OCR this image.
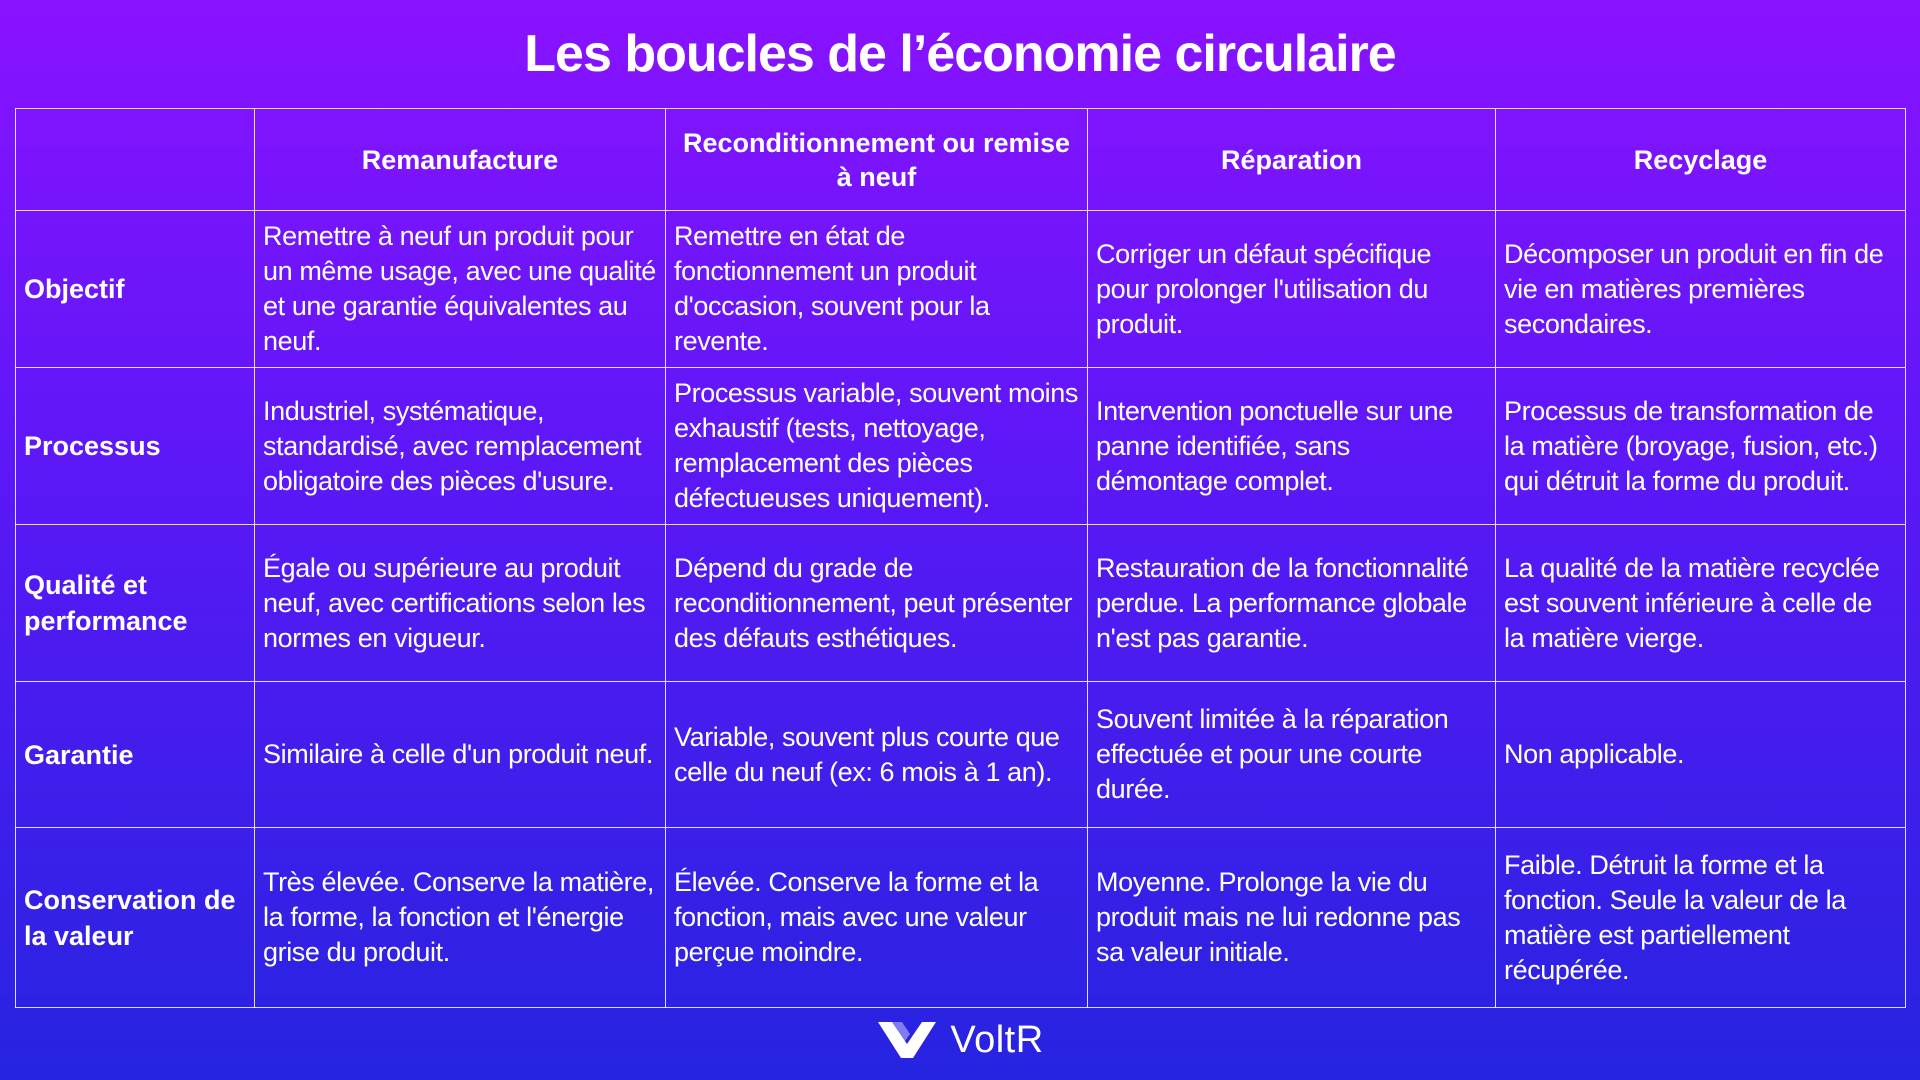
Les boucles de l’économie circulaire
	Remanufacture	Reconditionnement ou remise à neuf	Réparation	Recyclage
Objectif	Remettre à neuf un produit pour un même usage, avec une qualité et une garantie équivalentes au neuf.	Remettre en état de fonctionnement un produit d'occasion, souvent pour la revente.	Corriger un défaut spécifique pour prolonger l'utilisation du produit.	Décomposer un produit en fin de vie en matières premières secondaires.
Processus	Industriel, systématique, standardisé, avec remplacement obligatoire des pièces d'usure.	Processus variable, souvent moins exhaustif (tests, nettoyage, remplacement des pièces défectueuses uniquement).	Intervention ponctuelle sur une panne identifiée, sans démontage complet.	Processus de transformation de la matière (broyage, fusion, etc.) qui détruit la forme du produit.
Qualité et performance	Égale ou supérieure au produit neuf, avec certifications selon les normes en vigueur.	Dépend du grade de reconditionnement, peut présenter des défauts esthétiques.	Restauration de la fonctionnalité perdue. La performance globale n'est pas garantie.	La qualité de la matière recyclée est souvent inférieure à celle de la matière vierge.
Garantie	Similaire à celle d'un produit neuf.	Variable, souvent plus courte que celle du neuf (ex: 6 mois à 1 an).	Souvent limitée à la réparation effectuée et pour une courte durée.	Non applicable.
Conservation de la valeur	Très élevée. Conserve la matière, la forme, la fonction et l'énergie grise du produit.	Élevée. Conserve la forme et la fonction, mais avec une valeur perçue moindre.	Moyenne. Prolonge la vie du produit mais ne lui redonne pas sa valeur initiale.	Faible. Détruit la forme et la fonction. Seule la valeur de la matière est partiellement récupérée.
VoltR
